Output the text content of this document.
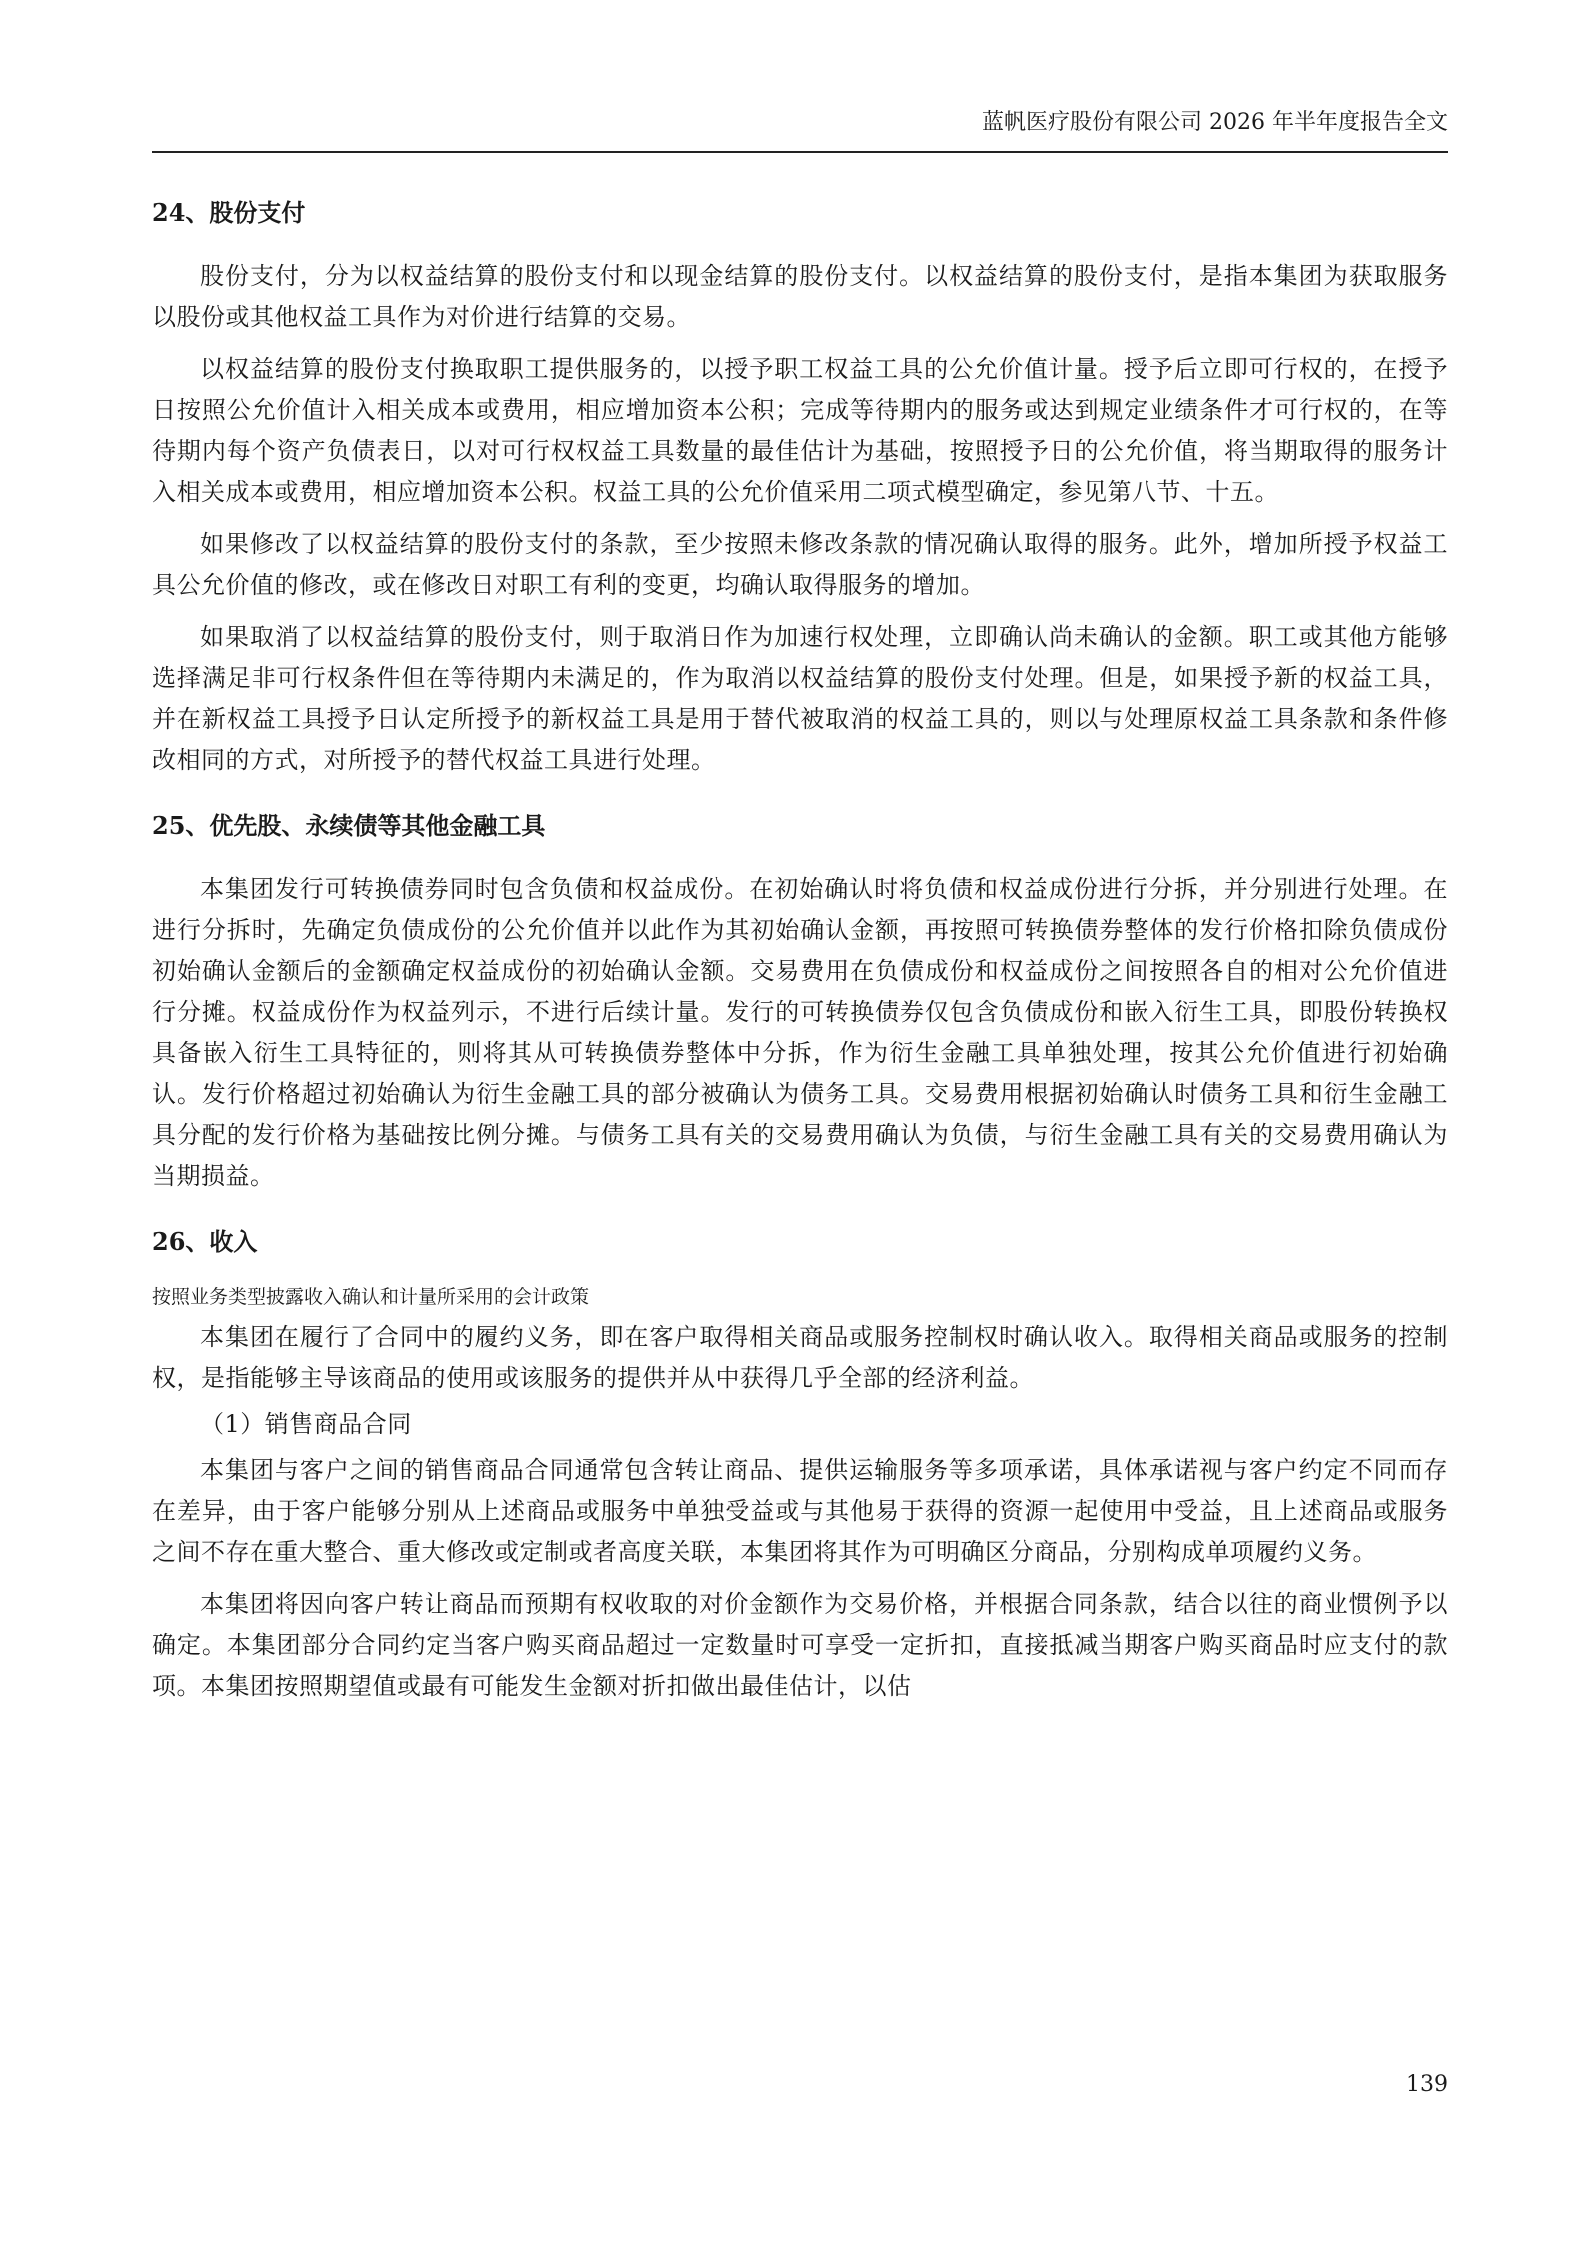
蓝帆医疗股份有限公司 2026 年半年度报告全文

24、股份支付

股份支付，分为以权益结算的股份支付和以现金结算的股份支付。以权益结算的股份支付，是指本集团为获取服务以股份或其他权益工具作为对价进行结算的交易。

以权益结算的股份支付换取职工提供服务的，以授予职工权益工具的公允价值计量。授予后立即可行权的，在授予日按照公允价值计入相关成本或费用，相应增加资本公积；完成等待期内的服务或达到规定业绩条件才可行权的，在等待期内每个资产负债表日，以对可行权权益工具数量的最佳估计为基础，按照授予日的公允价值，将当期取得的服务计入相关成本或费用，相应增加资本公积。权益工具的公允价值采用二项式模型确定，参见第八节、十五。

如果修改了以权益结算的股份支付的条款，至少按照未修改条款的情况确认取得的服务。此外，增加所授予权益工具公允价值的修改，或在修改日对职工有利的变更，均确认取得服务的增加。

如果取消了以权益结算的股份支付，则于取消日作为加速行权处理，立即确认尚未确认的金额。职工或其他方能够选择满足非可行权条件但在等待期内未满足的，作为取消以权益结算的股份支付处理。但是，如果授予新的权益工具，并在新权益工具授予日认定所授予的新权益工具是用于替代被取消的权益工具的，则以与处理原权益工具条款和条件修改相同的方式，对所授予的替代权益工具进行处理。

25、优先股、永续债等其他金融工具

本集团发行可转换债券同时包含负债和权益成份。在初始确认时将负债和权益成份进行分拆，并分别进行处理。在进行分拆时，先确定负债成份的公允价值并以此作为其初始确认金额，再按照可转换债券整体的发行价格扣除负债成份初始确认金额后的金额确定权益成份的初始确认金额。交易费用在负债成份和权益成份之间按照各自的相对公允价值进行分摊。权益成份作为权益列示，不进行后续计量。发行的可转换债券仅包含负债成份和嵌入衍生工具，即股份转换权具备嵌入衍生工具特征的，则将其从可转换债券整体中分拆，作为衍生金融工具单独处理，按其公允价值进行初始确认。发行价格超过初始确认为衍生金融工具的部分被确认为债务工具。交易费用根据初始确认时债务工具和衍生金融工具分配的发行价格为基础按比例分摊。与债务工具有关的交易费用确认为负债，与衍生金融工具有关的交易费用确认为当期损益。

26、收入

按照业务类型披露收入确认和计量所采用的会计政策

本集团在履行了合同中的履约义务，即在客户取得相关商品或服务控制权时确认收入。取得相关商品或服务的控制权，是指能够主导该商品的使用或该服务的提供并从中获得几乎全部的经济利益。

（1）销售商品合同

本集团与客户之间的销售商品合同通常包含转让商品、提供运输服务等多项承诺，具体承诺视与客户约定不同而存在差异，由于客户能够分别从上述商品或服务中单独受益或与其他易于获得的资源一起使用中受益，且上述商品或服务之间不存在重大整合、重大修改或定制或者高度关联，本集团将其作为可明确区分商品，分别构成单项履约义务。

本集团将因向客户转让商品而预期有权收取的对价金额作为交易价格，并根据合同条款，结合以往的商业惯例予以确定。本集团部分合同约定当客户购买商品超过一定数量时可享受一定折扣，直接抵减当期客户购买商品时应支付的款项。本集团按照期望值或最有可能发生金额对折扣做出最佳估计，以估

139
